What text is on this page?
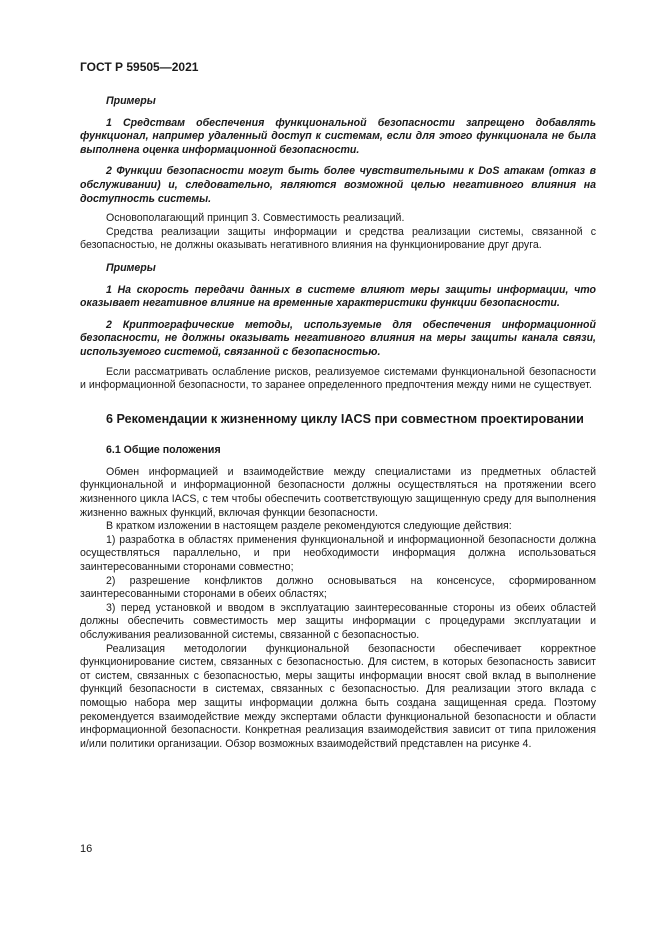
ГОСТ Р 59505—2021

Примеры

1 Средствам обеспечения функциональной безопасности запрещено добавлять функционал, например удаленный доступ к системам, если для этого функционала не была выполнена оценка информационной безопасности.

2 Функции безопасности могут быть более чувствительными к DoS атакам (отказ в обслуживании) и, следовательно, являются возможной целью негативного влияния на доступность системы.

Основополагающий принцип 3. Совместимость реализаций.

Средства реализации защиты информации и средства реализации системы, связанной с безопасностью, не должны оказывать негативного влияния на функционирование друг друга.

Примеры

1 На скорость передачи данных в системе влияют меры защиты информации, что оказывает негативное влияние на временные характеристики функции безопасности.

2 Криптографические методы, используемые для обеспечения информационной безопасности, не должны оказывать негативного влияния на меры защиты канала связи, используемого системой, связанной с безопасностью.

Если рассматривать ослабление рисков, реализуемое системами функциональной безопасности и информационной безопасности, то заранее определенного предпочтения между ними не существует.

6 Рекомендации к жизненному циклу IACS при совместном проектировании

6.1 Общие положения

Обмен информацией и взаимодействие между специалистами из предметных областей функциональной и информационной безопасности должны осуществляться на протяжении всего жизненного цикла IACS, с тем чтобы обеспечить соответствующую защищенную среду для выполнения жизненно важных функций, включая функции безопасности.

В кратком изложении в настоящем разделе рекомендуются следующие действия:

1) разработка в областях применения функциональной и информационной безопасности должна осуществляться параллельно, и при необходимости информация должна использоваться заинтересованными сторонами совместно;

2) разрешение конфликтов должно основываться на консенсусе, сформированном заинтересованными сторонами в обеих областях;

3) перед установкой и вводом в эксплуатацию заинтересованные стороны из обеих областей должны обеспечить совместимость мер защиты информации с процедурами эксплуатации и обслуживания реализованной системы, связанной с безопасностью.

Реализация методологии функциональной безопасности обеспечивает корректное функционирование систем, связанных с безопасностью. Для систем, в которых безопасность зависит от систем, связанных с безопасностью, меры защиты информации вносят свой вклад в выполнение функций безопасности в системах, связанных с безопасностью. Для реализации этого вклада с помощью набора мер защиты информации должна быть создана защищенная среда. Поэтому рекомендуется взаимодействие между экспертами области функциональной безопасности и области информационной безопасности. Конкретная реализация взаимодействия зависит от типа приложения и/или политики организации. Обзор возможных взаимодействий представлен на рисунке 4.

16
